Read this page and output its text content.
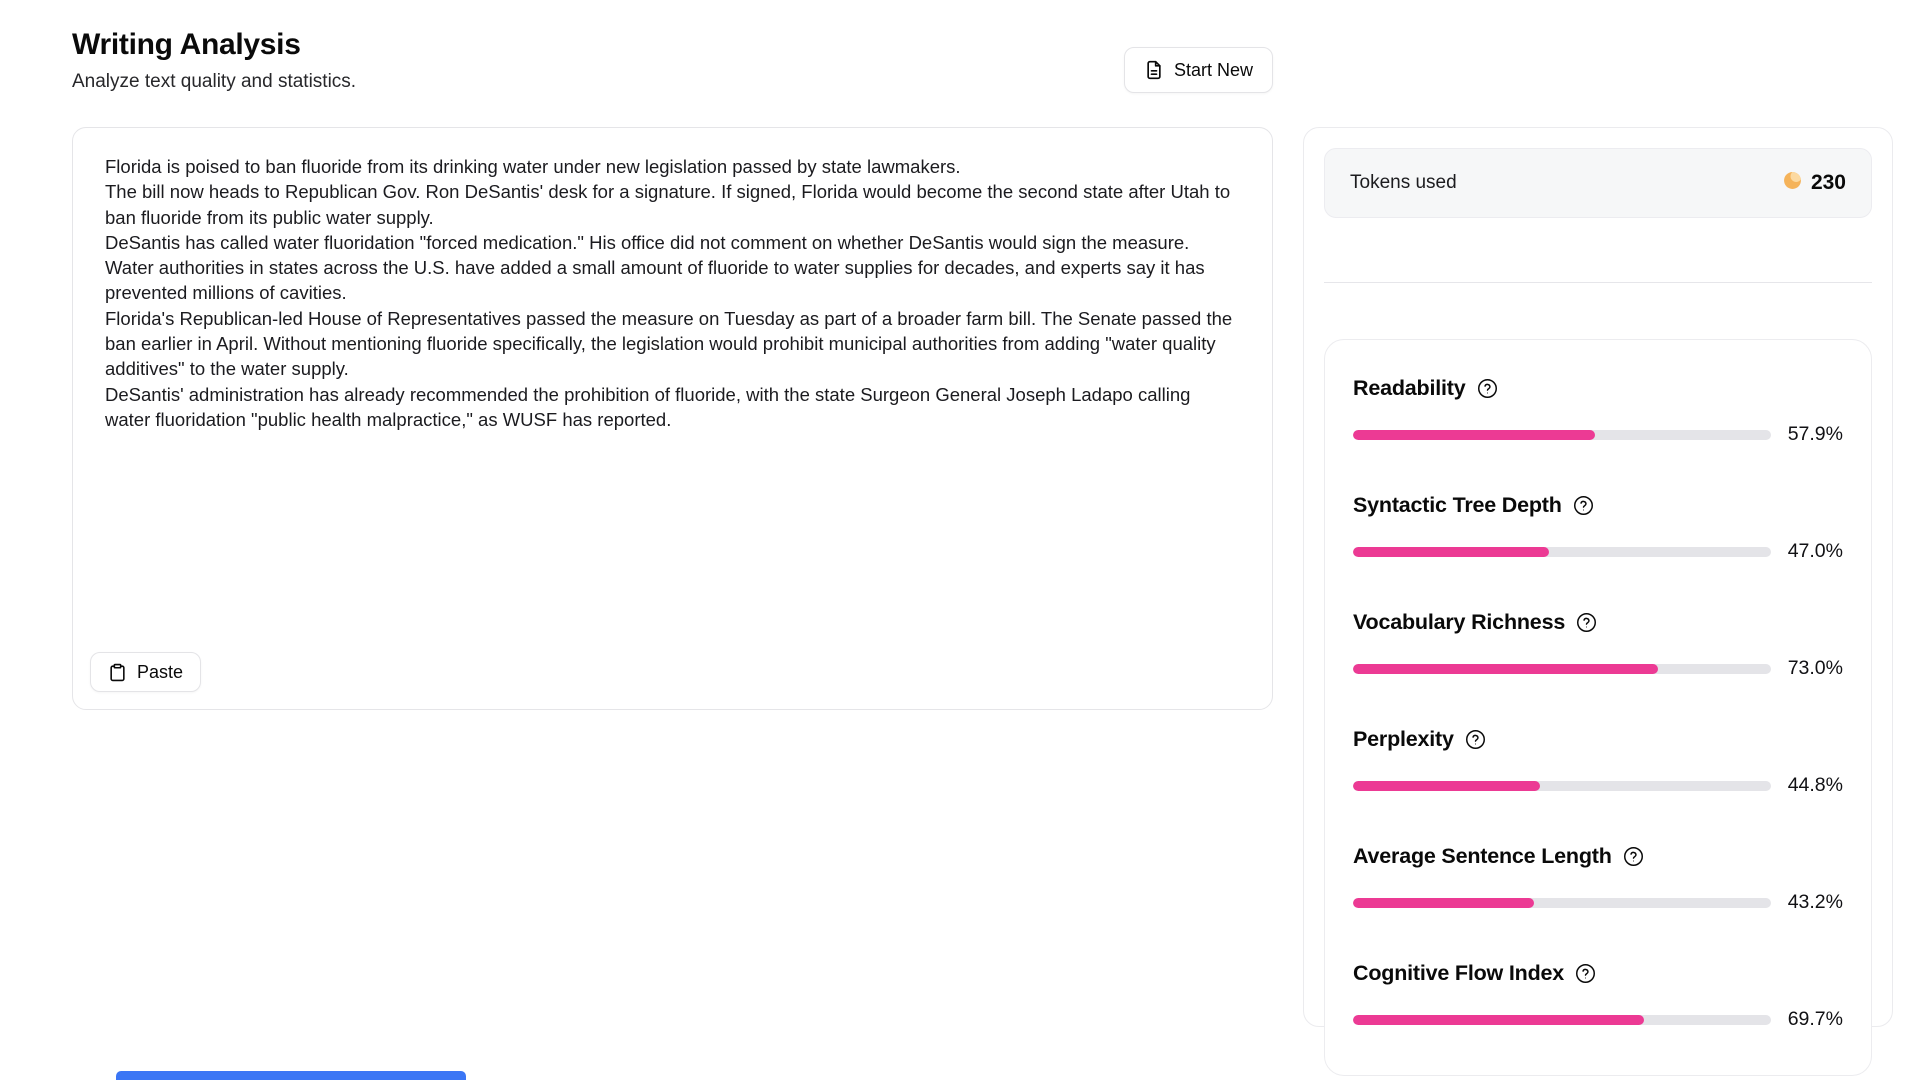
Writing Analysis

Analyze text quality and statistics.

Start New

Florida is poised to ban fluoride from its drinking water under new legislation passed by state lawmakers.

The bill now heads to Republican Gov. Ron DeSantis' desk for a signature. If signed, Florida would become the second state after Utah to ban fluoride from its public water supply.

DeSantis has called water fluoridation "forced medication." His office did not comment on whether DeSantis would sign the measure.

Water authorities in states across the U.S. have added a small amount of fluoride to water supplies for decades, and experts say it has prevented millions of cavities.

Florida's Republican-led House of Representatives passed the measure on Tuesday as part of a broader farm bill. The Senate passed the ban earlier in April. Without mentioning fluoride specifically, the legislation would prohibit municipal authorities from adding "water quality additives" to the water supply.

DeSantis' administration has already recommended the prohibition of fluoride, with the state Surgeon General Joseph Ladapo calling water fluoridation "public health malpractice," as WUSF has reported.

Paste
Tokens used	230
Readability
57.9%
Syntactic Tree Depth
47.0%
Vocabulary Richness
73.0%
Perplexity
44.8%
Average Sentence Length
43.2%
Cognitive Flow Index
69.7%
